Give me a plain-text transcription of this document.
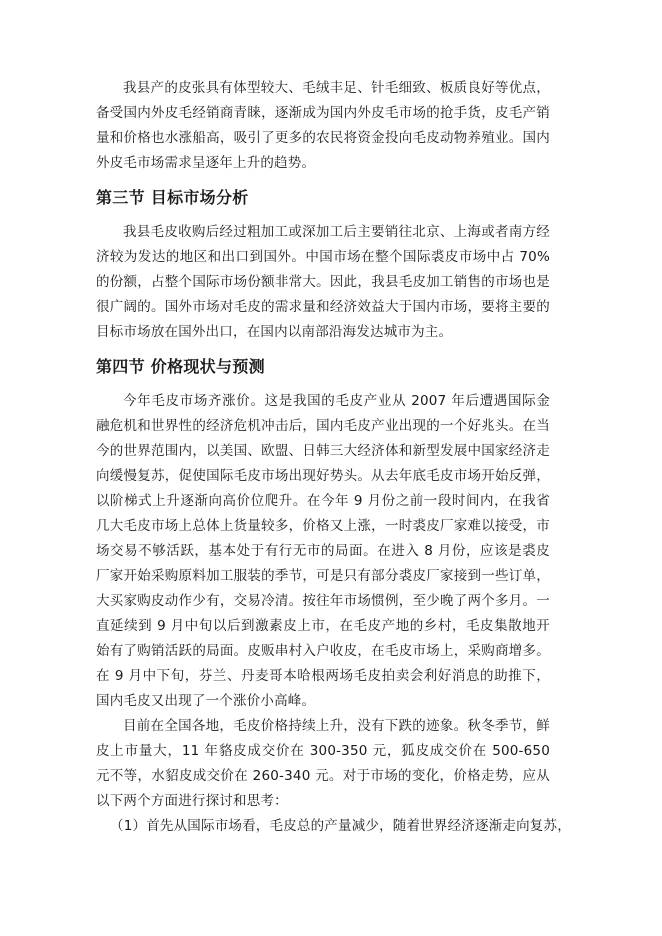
我县产的皮张具有体型较大、毛绒丰足、针毛细致、板质良好等优点，备受国内外皮毛经销商青睐，逐渐成为国内外皮毛市场的抢手货，皮毛产销量和价格也水涨船高，吸引了更多的农民将资金投向毛皮动物养殖业。国内外皮毛市场需求呈逐年上升的趋势。

第三节 目标市场分析

我县毛皮收购后经过粗加工或深加工后主要销往北京、上海或者南方经济较为发达的地区和出口到国外。中国市场在整个国际裘皮市场中占 70%的份额，占整个国际市场份额非常大。因此，我县毛皮加工销售的市场也是很广阔的。国外市场对毛皮的需求量和经济效益大于国内市场，要将主要的目标市场放在国外出口，在国内以南部沿海发达城市为主。

第四节 价格现状与预测

今年毛皮市场齐涨价。这是我国的毛皮产业从 2007 年后遭遇国际金融危机和世界性的经济危机冲击后，国内毛皮产业出现的一个好兆头。在当今的世界范围内，以美国、欧盟、日韩三大经济体和新型发展中国家经济走向缓慢复苏，促使国际毛皮市场出现好势头。从去年底毛皮市场开始反弹，以阶梯式上升逐渐向高价位爬升。在今年 9 月份之前一段时间内，在我省几大毛皮市场上总体上货量较多，价格又上涨，一时裘皮厂家难以接受，市场交易不够活跃，基本处于有行无市的局面。在进入 8 月份，应该是裘皮厂家开始采购原料加工服装的季节，可是只有部分裘皮厂家接到一些订单，大买家购皮动作少有，交易冷清。按往年市场惯例，至少晚了两个多月。一直延续到 9 月中旬以后到激素皮上市，在毛皮产地的乡村，毛皮集散地开始有了购销活跃的局面。皮贩串村入户收皮，在毛皮市场上，采购商增多。在 9 月中下旬，芬兰、丹麦哥本哈根两场毛皮拍卖会利好消息的助推下，国内毛皮又出现了一个涨价小高峰。

目前在全国各地，毛皮价格持续上升，没有下跌的迹象。秋冬季节，鲜皮上市量大，11 年貉皮成交价在 300-350 元，狐皮成交价在 500-650 元不等，水貂皮成交价在 260-340 元。对于市场的变化，价格走势，应从以下两个方面进行探讨和思考：

（1）首先从国际市场看，毛皮总的产量减少，随着世界经济逐渐走向复苏，
